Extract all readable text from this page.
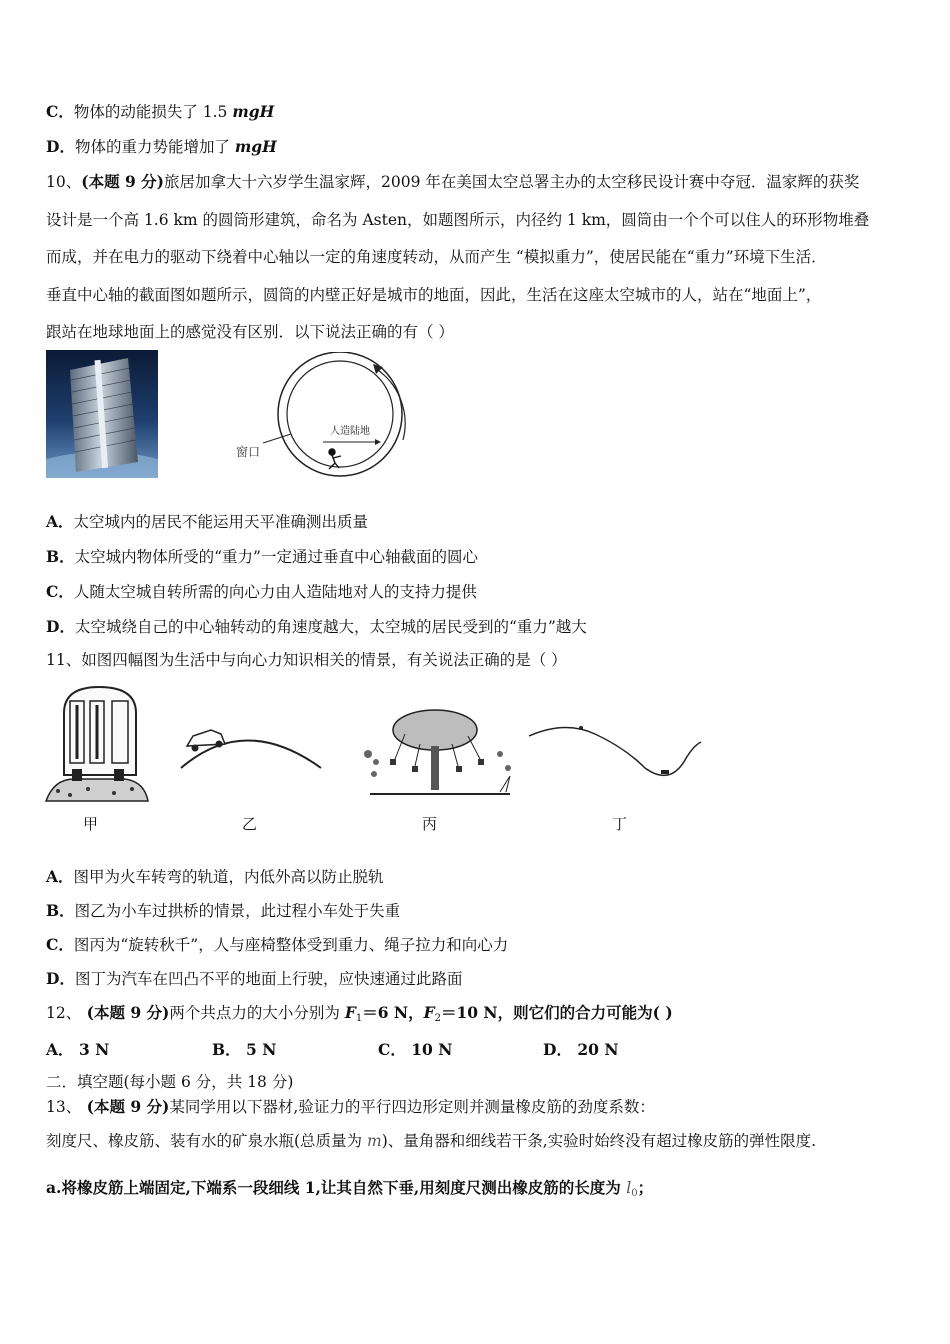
C．物体的动能损失了 1.5 mgH
D．物体的重力势能增加了 mgH
10、(本题 9 分)旅居加拿大十六岁学生温家辉，2009 年在美国太空总署主办的太空移民设计赛中夺冠．温家辉的获奖
设计是一个高 1.6 km 的圆筒形建筑，命名为 Asten，如题图所示，内径约 1 km，圆筒由一个个可以住人的环形物堆叠
而成，并在电力的驱动下绕着中心轴以一定的角速度转动，从而产生 “模拟重力”，使居民能在“重力”环境下生活．
垂直中心轴的截面图如题所示，圆筒的内壁正好是城市的地面，因此，生活在这座太空城市的人，站在“地面上”，
跟站在地球地面上的感觉没有区别．以下说法正确的有（ ）
窗口
人造陆地
A．太空城内的居民不能运用天平准确测出质量
B．太空城内物体所受的“重力”一定通过垂直中心轴截面的圆心
C．人随太空城自转所需的向心力由人造陆地对人的支持力提供
D．太空城绕自己的中心轴转动的角速度越大，太空城的居民受到的“重力”越大
11、如图四幅图为生活中与向心力知识相关的情景，有关说法正确的是（ ）
甲	乙	丙	丁
A．图甲为火车转弯的轨道，内低外高以防止脱轨
B．图乙为小车过拱桥的情景，此过程小车处于失重
C．图丙为“旋转秋千”，人与座椅整体受到重力、绳子拉力和向心力
D．图丁为汽车在凹凸不平的地面上行驶，应快速通过此路面
12、 (本题 9 分)两个共点力的大小分别为 $F_1=6$ N，$F_2=10$ N，则它们的合力可能为( )
A． 3 N	B． 5 N	C． 10 N	D． 20 N
二．填空题(每小题 6 分，共 18 分)
13、 (本题 9 分)某同学用以下器材,验证力的平行四边形定则并测量橡皮筋的劲度系数：
刻度尺、橡皮筋、装有水的矿泉水瓶(总质量为 m)、量角器和细线若干条,实验时始终没有超过橡皮筋的弹性限度.
a.将橡皮筋上端固定,下端系一段细线 1,让其自然下垂,用刻度尺测出橡皮筋的长度为 $l_0$；
